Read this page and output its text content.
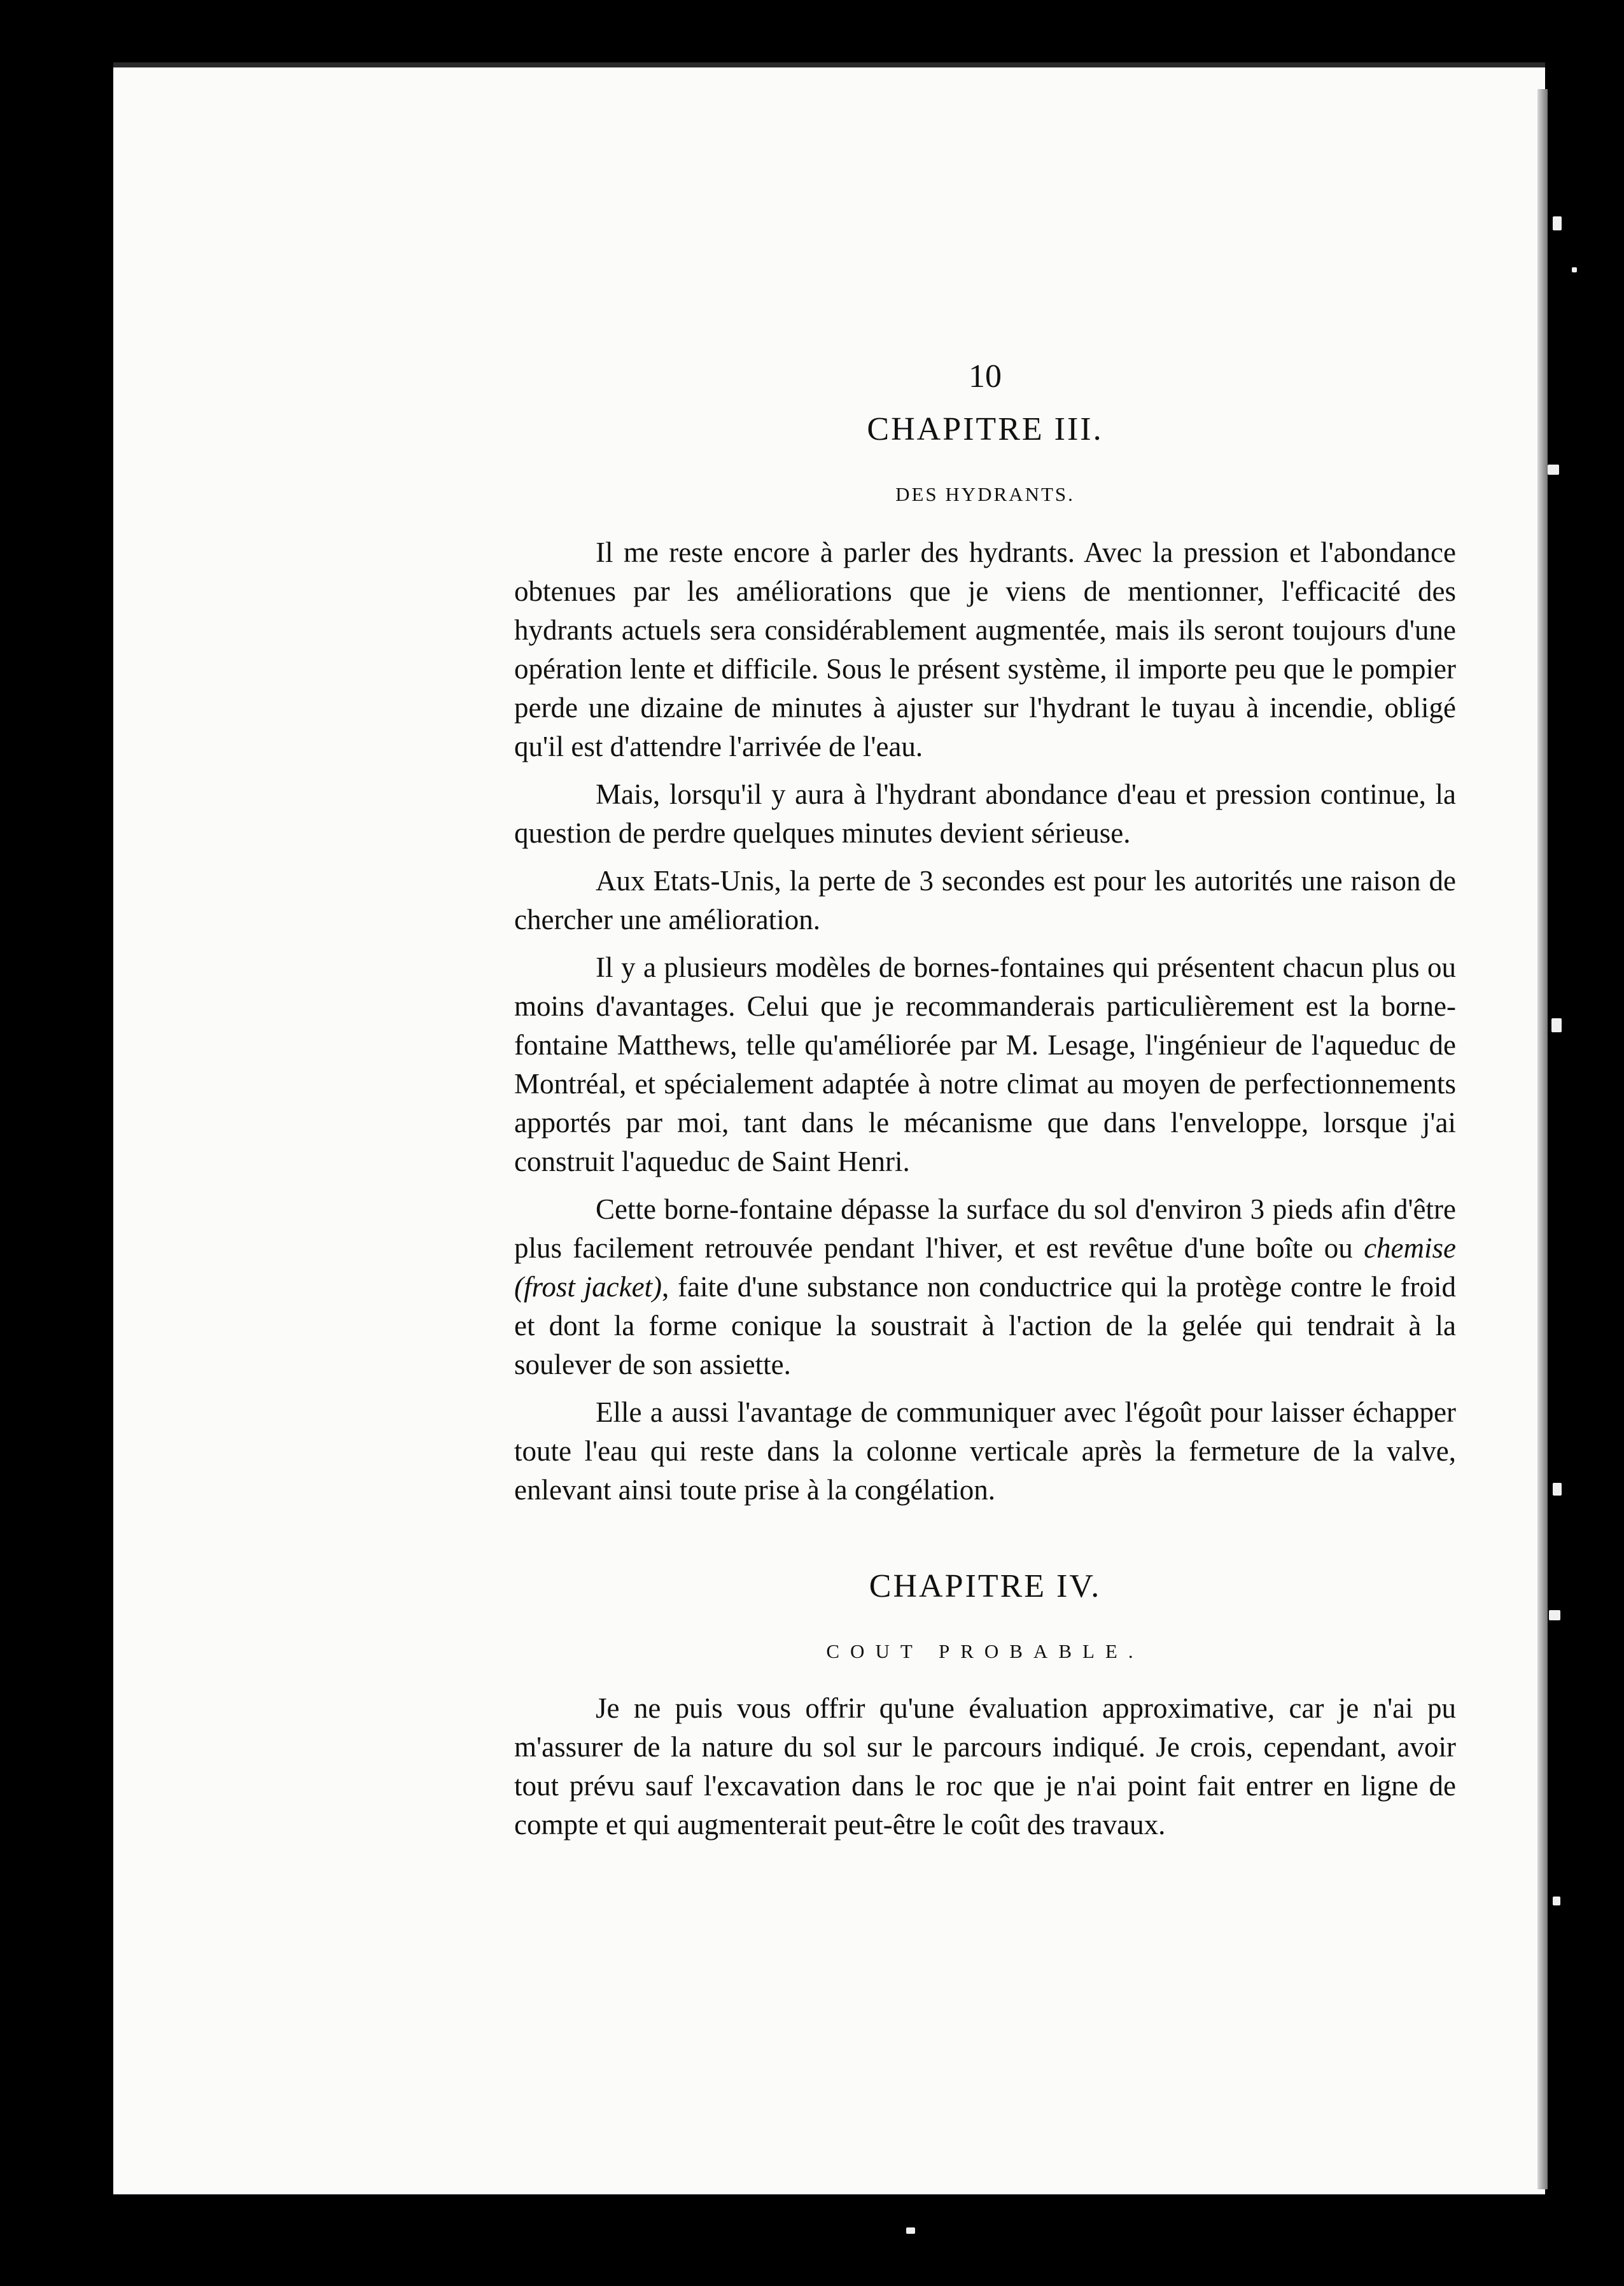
10
CHAPITRE III.
DES HYDRANTS.

Il me reste encore à parler des hydrants. Avec la pression et l'abondance obtenues par les améliorations que je viens de mentionner, l'efficacité des hydrants actuels sera considérablement augmentée, mais ils seront toujours d'une opération lente et difficile. Sous le présent système, il importe peu que le pompier perde une dizaine de minutes à ajuster sur l'hydrant le tuyau à incendie, obligé qu'il est d'attendre l'arrivée de l'eau.

Mais, lorsqu'il y aura à l'hydrant abondance d'eau et pression continue, la question de perdre quelques minutes devient sérieuse.

Aux Etats-Unis, la perte de 3 secondes est pour les autorités une raison de chercher une amélioration.

Il y a plusieurs modèles de bornes-fontaines qui présentent chacun plus ou moins d'avantages. Celui que je recommanderais particulièrement est la borne-fontaine Matthews, telle qu'améliorée par M. Lesage, l'ingénieur de l'aqueduc de Montréal, et spécialement adaptée à notre climat au moyen de perfectionnements apportés par moi, tant dans le mécanisme que dans l'enveloppe, lorsque j'ai construit l'aqueduc de Saint Henri.

Cette borne-fontaine dépasse la surface du sol d'environ 3 pieds afin d'être plus facilement retrouvée pendant l'hiver, et est revêtue d'une boîte ou chemise (frost jacket), faite d'une substance non conductrice qui la protège contre le froid et dont la forme conique la soustrait à l'action de la gelée qui tendrait à la soulever de son assiette.

Elle a aussi l'avantage de communiquer avec l'égoût pour laisser échapper toute l'eau qui reste dans la colonne verticale après la fermeture de la valve, enlevant ainsi toute prise à la congélation.

CHAPITRE IV.
COUT PROBABLE.

Je ne puis vous offrir qu'une évaluation approximative, car je n'ai pu m'assurer de la nature du sol sur le parcours indiqué. Je crois, cependant, avoir tout prévu sauf l'excavation dans le roc que je n'ai point fait entrer en ligne de compte et qui augmenterait peut-être le coût des travaux.
